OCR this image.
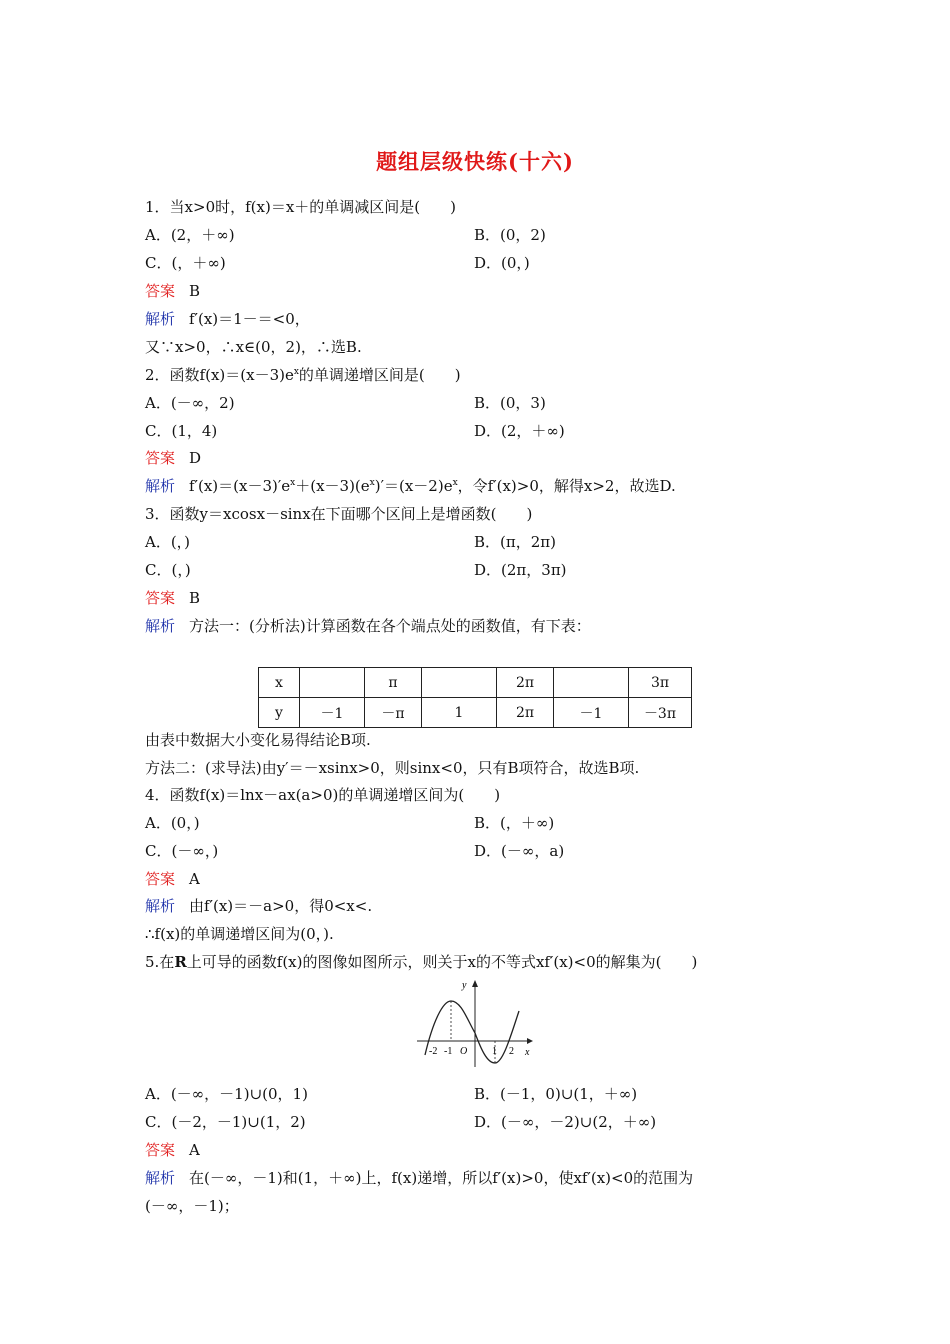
题组层级快练(十六)
1．当x>0时，f(x)＝x＋的单调减区间是(　　)
A．(2，＋∞)	B．(0，2)
C．(，＋∞)	D．(0，)
答案 B
解析 f′(x)＝1－＝<0，
又∵x>0，∴x∈(0，2)，∴选B.
2．函数$f(x)=(x-3)e^x$的单调递增区间是(　　)
A．(－∞，2)	B．(0，3)
C．(1，4)	D．(2，＋∞)
答案 D
解析 $f'(x)=(x-3)'e^x+(x-3)(e^x)'=(x-2)e^x$，令f′(x)>0，解得x>2，故选D.
3．函数y＝xcosx－sinx在下面哪个区间上是增函数(　　)
A．(，)	B．(π，2π)
C．(，)	D．(2π，3π)
答案 B
解析 方法一：(分析法)计算函数在各个端点处的函数值，有下表：
x		π		2π		3π
y	－1	－π	1	2π	－1	－3π
由表中数据大小变化易得结论B项.
方法二：(求导法)由y′＝－xsinx>0，则sinx<0，只有B项符合，故选B项.
4．函数f(x)＝lnx－ax(a>0)的单调递增区间为(　　)
A．(0，)	B．(，＋∞)
C．(－∞，)	D．(－∞，a)
答案 A
解析 由f′(x)＝－a>0，得0<x<.
∴f(x)的单调递增区间为(0，).
5.在R上可导的函数f(x)的图像如图所示，则关于x的不等式xf′(x)<0的解集为(　　)
y
x
-2 -1 O 1 2
A．(－∞，－1)∪(0，1)	B．(－1，0)∪(1，＋∞)
C．(－2，－1)∪(1，2)	D．(－∞，－2)∪(2，＋∞)
答案 A
解析 在(－∞，－1)和(1，＋∞)上，f(x)递增，所以f′(x)>0，使xf′(x)<0的范围为
(－∞，－1)；
